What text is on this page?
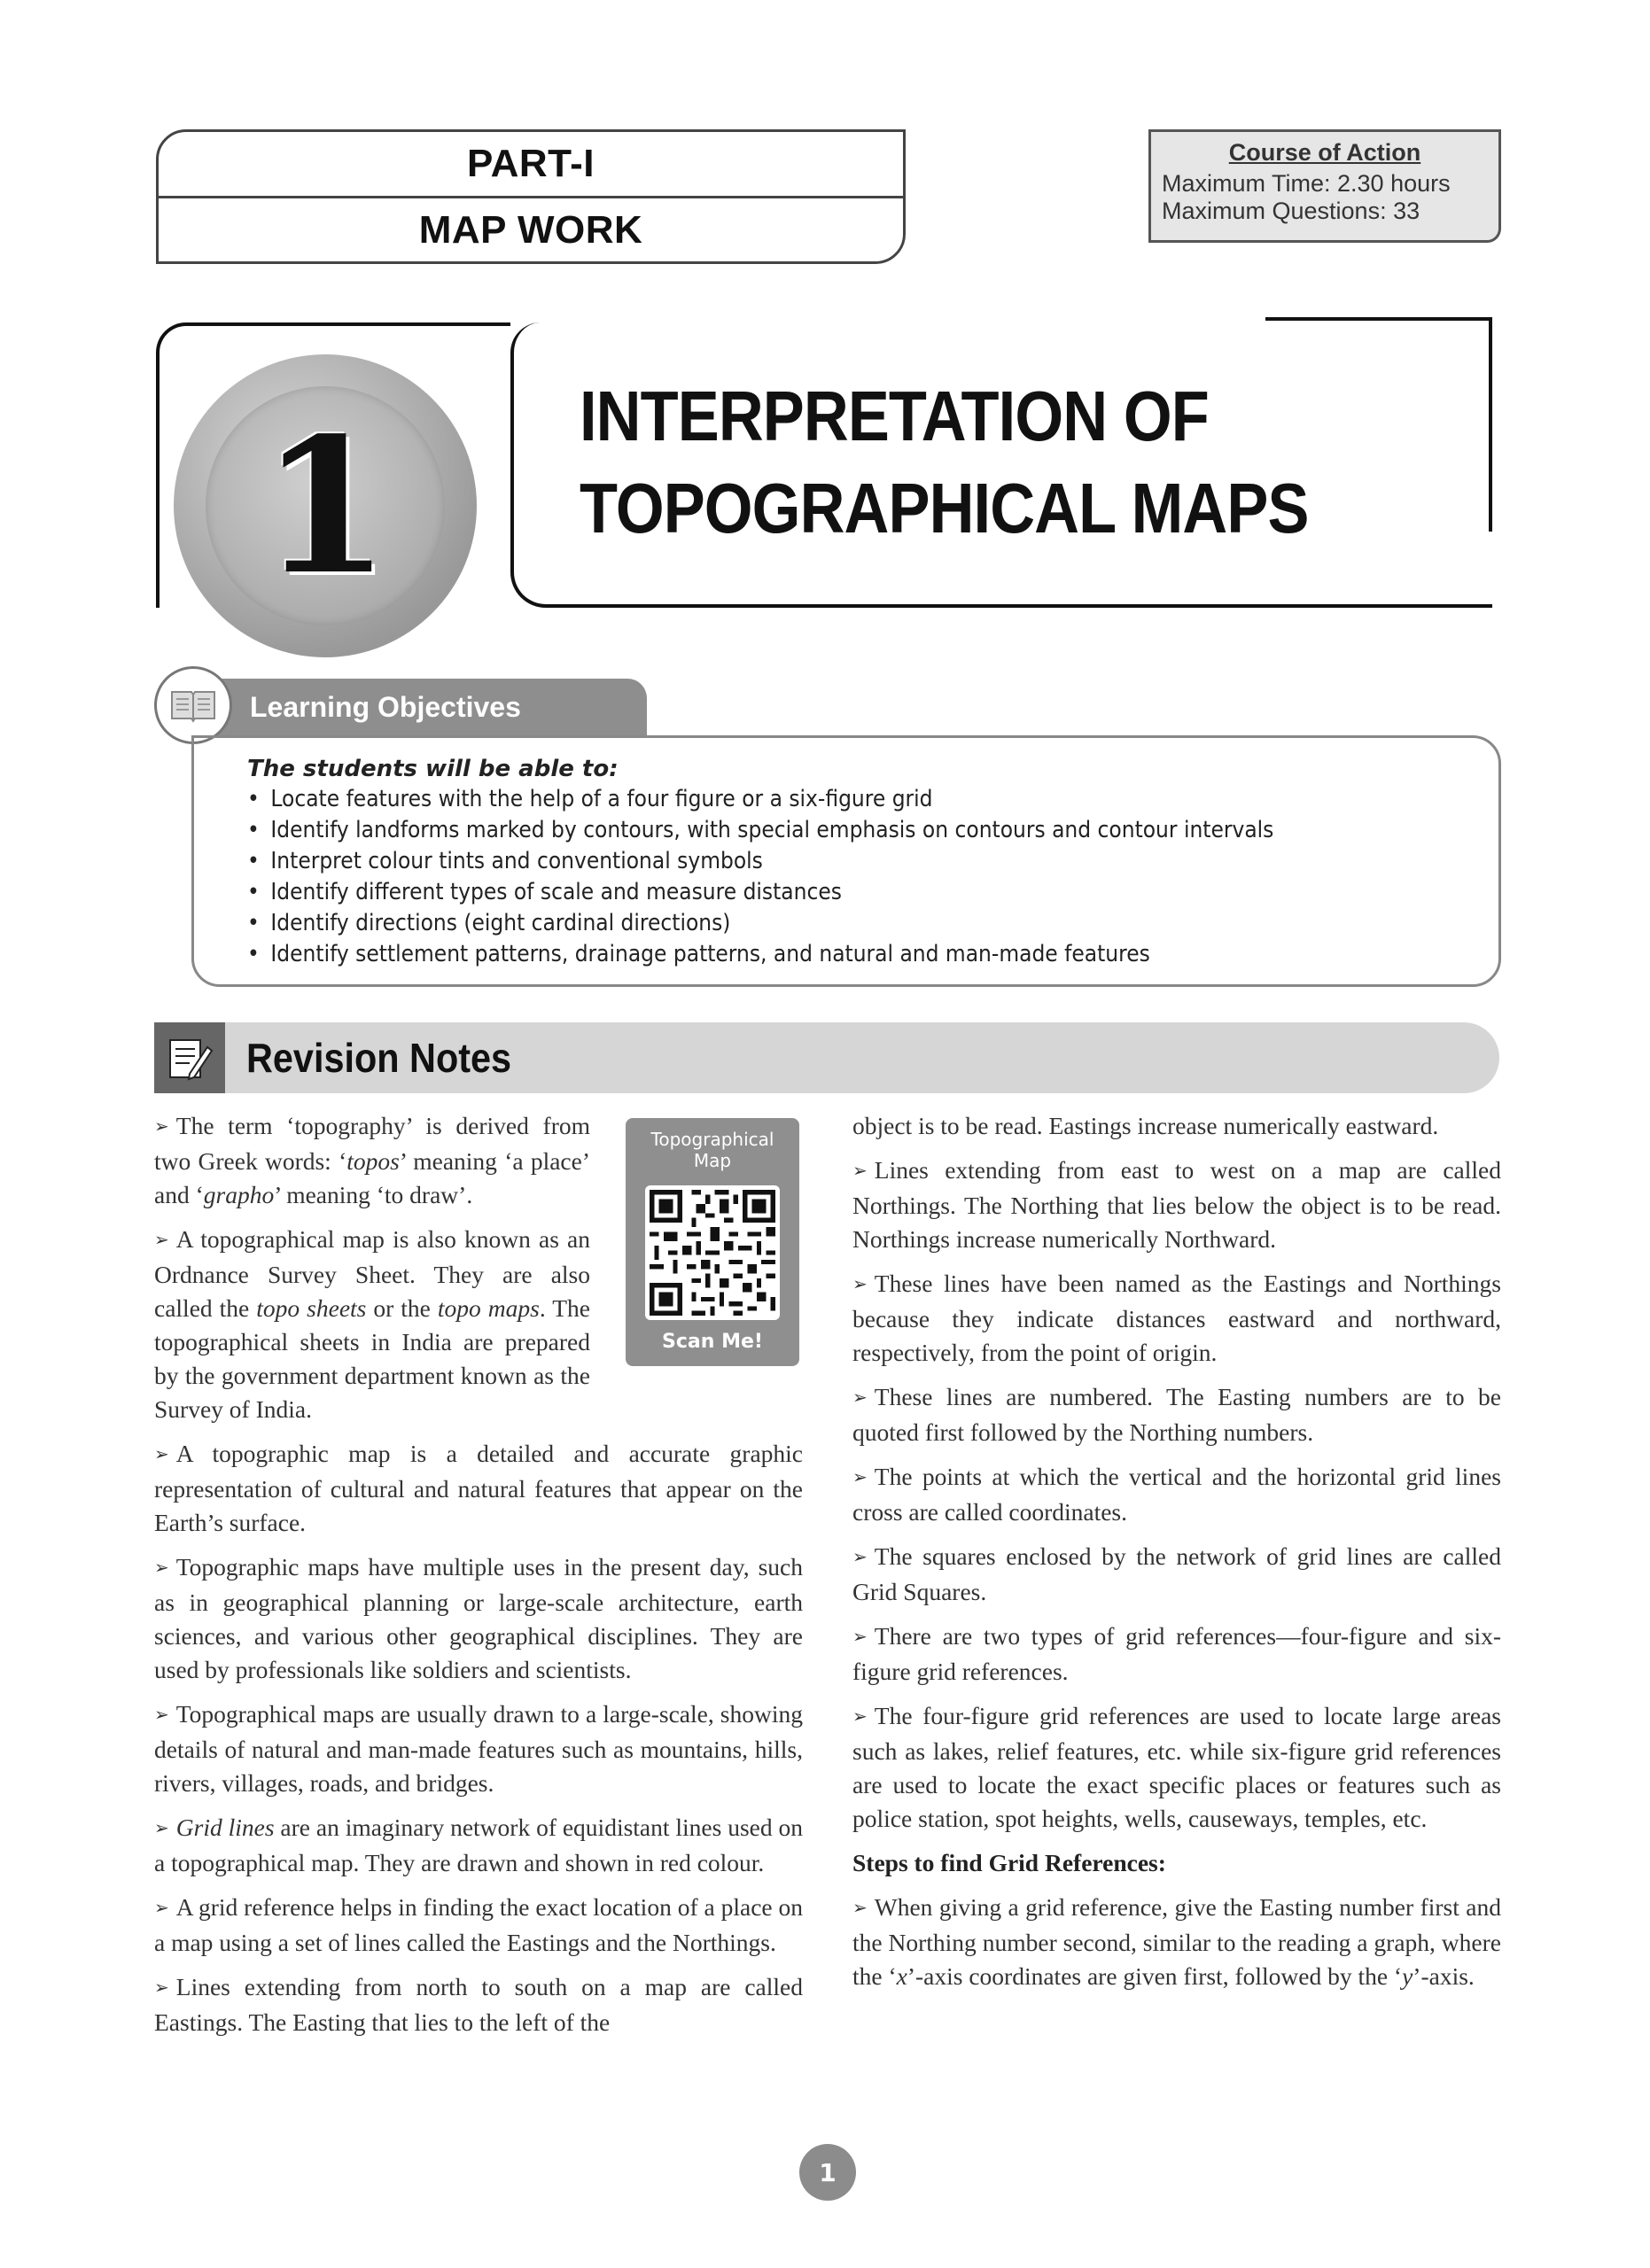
PART-I
MAP WORK
Course of Action
Maximum Time: 2.30 hours
Maximum Questions: 33
1	INTERPRETATION OF
TOPOGRAPHICAL MAPS
Learning Objectives
The students will be able to:
• Locate features with the help of a four figure or a six-figure grid
• Identify landforms marked by contours, with special emphasis on contours and contour intervals
• Interpret colour tints and conventional symbols
• Identify different types of scale and measure distances
• Identify directions (eight cardinal directions)
• Identify settlement patterns, drainage patterns, and natural and man-made features
Revision Notes
Topographical
Map
Scan Me!

➢ The term ‘topography’ is derived from two Greek words: ‘topos’ meaning ‘a place’ and ‘grapho’ meaning ‘to draw’.

➢ A topographical map is also known as an Ordnance Survey Sheet. They are also called the topo sheets or the topo maps. The topographical sheets in India are prepared by the government department known as the Survey of India.

➢ A topographic map is a detailed and accurate graphic representation of cultural and natural features that appear on the Earth’s surface.

➢ Topographic maps have multiple uses in the present day, such as in geographical planning or large-scale architecture, earth sciences, and various other geographical disciplines. They are used by professionals like soldiers and scientists.

➢ Topographical maps are usually drawn to a large-scale, showing details of natural and man-made features such as mountains, hills, rivers, villages, roads, and bridges.

➢ Grid lines are an imaginary network of equidistant lines used on a topographical map. They are drawn and shown in red colour.

➢ A grid reference helps in finding the exact location of a place on a map using a set of lines called the Eastings and the Northings.

➢ Lines extending from north to south on a map are called Eastings. The Easting that lies to the left of the

object is to be read. Eastings increase numerically eastward.

➢ Lines extending from east to west on a map are called Northings. The Northing that lies below the object is to be read. Northings increase numerically Northward.

➢ These lines have been named as the Eastings and Northings because they indicate distances eastward and northward, respectively, from the point of origin.

➢ These lines are numbered. The Easting numbers are to be quoted first followed by the Northing numbers.

➢ The points at which the vertical and the horizontal grid lines cross are called coordinates.

➢ The squares enclosed by the network of grid lines are called Grid Squares.

➢ There are two types of grid references—four-figure and six-figure grid references.

➢ The four-figure grid references are used to locate large areas such as lakes, relief features, etc. while six-figure grid references are used to locate the exact specific places or features such as police station, spot heights, wells, causeways, temples, etc.

Steps to find Grid References:

➢ When giving a grid reference, give the Easting number first and the Northing number second, similar to the reading a graph, where the ‘x’-axis coordinates are given first, followed by the ‘y’-axis.

1
